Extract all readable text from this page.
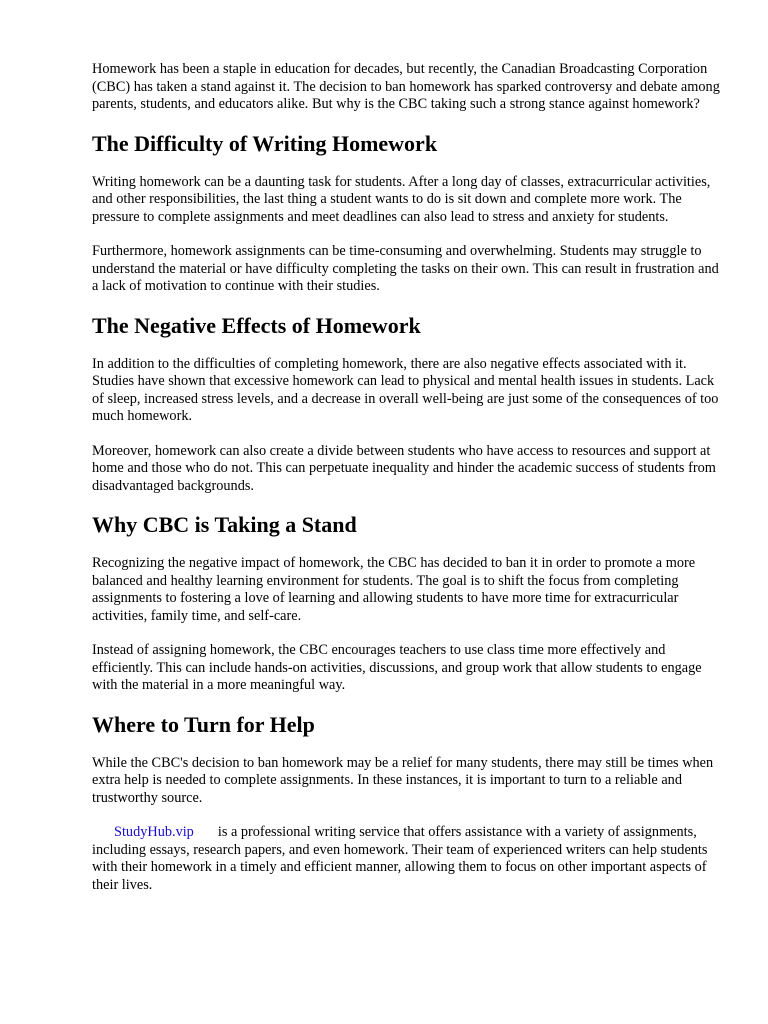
Homework has been a staple in education for decades, but recently, the Canadian Broadcasting Corporation (CBC) has taken a stand against it. The decision to ban homework has sparked controversy and debate among parents, students, and educators alike. But why is the CBC taking such a strong stance against homework?

The Difficulty of Writing Homework

Writing homework can be a daunting task for students. After a long day of classes, extracurricular activities, and other responsibilities, the last thing a student wants to do is sit down and complete more work. The pressure to complete assignments and meet deadlines can also lead to stress and anxiety for students.

Furthermore, homework assignments can be time-consuming and overwhelming. Students may struggle to understand the material or have difficulty completing the tasks on their own. This can result in frustration and a lack of motivation to continue with their studies.

The Negative Effects of Homework

In addition to the difficulties of completing homework, there are also negative effects associated with it. Studies have shown that excessive homework can lead to physical and mental health issues in students. Lack of sleep, increased stress levels, and a decrease in overall well-being are just some of the consequences of too much homework.

Moreover, homework can also create a divide between students who have access to resources and support at home and those who do not. This can perpetuate inequality and hinder the academic success of students from disadvantaged backgrounds.

Why CBC is Taking a Stand

Recognizing the negative impact of homework, the CBC has decided to ban it in order to promote a more balanced and healthy learning environment for students. The goal is to shift the focus from completing assignments to fostering a love of learning and allowing students to have more time for extracurricular activities, family time, and self-care.

Instead of assigning homework, the CBC encourages teachers to use class time more effectively and efficiently. This can include hands-on activities, discussions, and group work that allow students to engage with the material in a more meaningful way.

Where to Turn for Help

While the CBC's decision to ban homework may be a relief for many students, there may still be times when extra help is needed to complete assignments. In these instances, it is important to turn to a reliable and trustworthy source.

StudyHub.vip is a professional writing service that offers assistance with a variety of assignments, including essays, research papers, and even homework. Their team of experienced writers can help students with their homework in a timely and efficient manner, allowing them to focus on other important aspects of their lives.
